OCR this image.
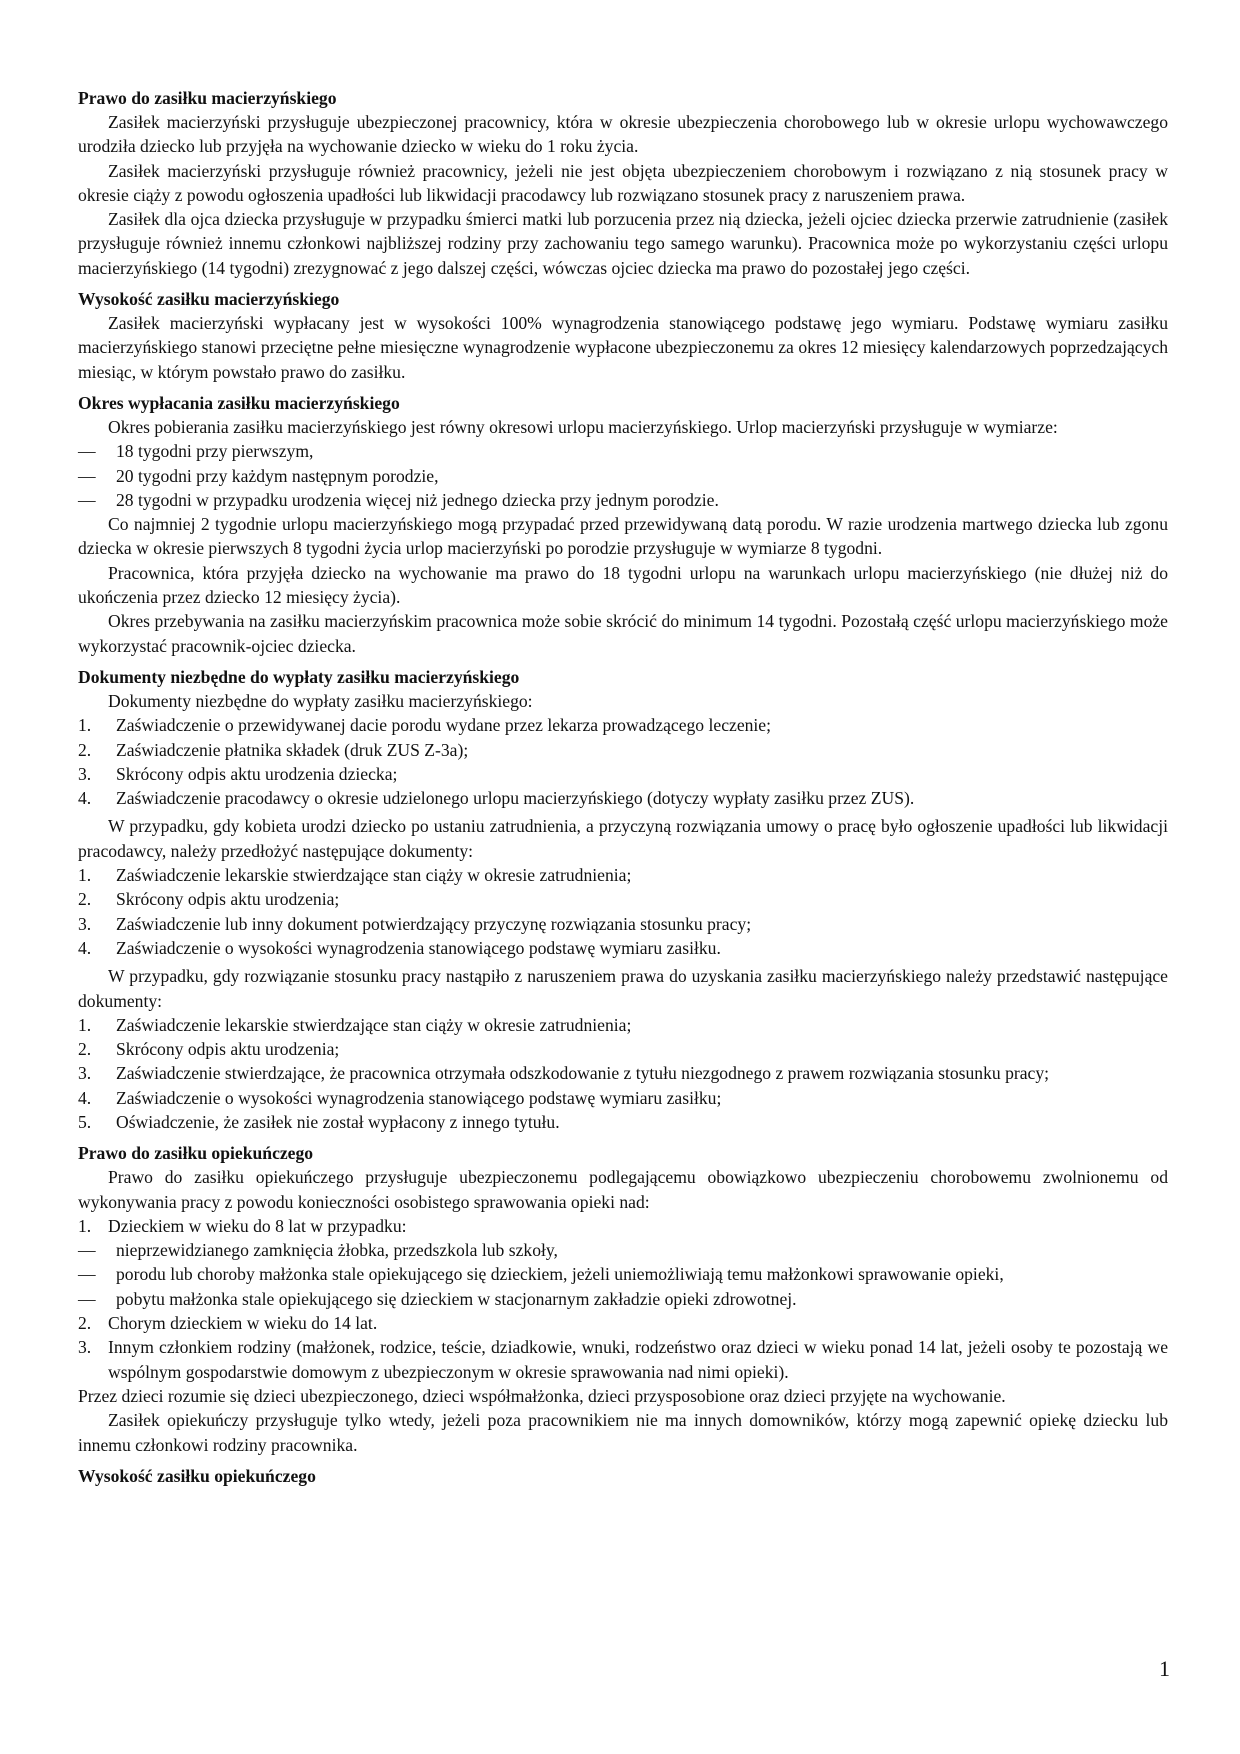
Prawo do zasiłku macierzyńskiego

Zasiłek macierzyński przysługuje ubezpieczonej pracownicy, która w okresie ubezpieczenia chorobowego lub w okresie urlopu wychowawczego urodziła dziecko lub przyjęła na wychowanie dziecko w wieku do 1 roku życia.

Zasiłek macierzyński przysługuje również pracownicy, jeżeli nie jest objęta ubezpieczeniem chorobowym i rozwiązano z nią stosunek pracy w okresie ciąży z powodu ogłoszenia upadłości lub likwidacji pracodawcy lub rozwiązano stosunek pracy z naruszeniem prawa.

Zasiłek dla ojca dziecka przysługuje w przypadku śmierci matki lub porzucenia przez nią dziecka, jeżeli ojciec dziecka przerwie zatrudnienie (zasiłek przysługuje również innemu członkowi najbliższej rodziny przy zachowaniu tego samego warunku). Pracownica może po wykorzystaniu części urlopu macierzyńskiego (14 tygodni) zrezygnować z jego dalszej części, wówczas ojciec dziecka ma prawo do pozostałej jego części.

Wysokość zasiłku macierzyńskiego

Zasiłek macierzyński wypłacany jest w wysokości 100% wynagrodzenia stanowiącego podstawę jego wymiaru. Podstawę wymiaru zasiłku macierzyńskiego stanowi przeciętne pełne miesięczne wynagrodzenie wypłacone ubezpieczonemu za okres 12 miesięcy kalendarzowych poprzedzających miesiąc, w którym powstało prawo do zasiłku.

Okres wypłacania zasiłku macierzyńskiego

Okres pobierania zasiłku macierzyńskiego jest równy okresowi urlopu macierzyńskiego. Urlop macierzyński przysługuje w wymiarze:

— 18 tygodni przy pierwszym,
— 20 tygodni przy każdym następnym porodzie,
— 28 tygodni w przypadku urodzenia więcej niż jednego dziecka przy jednym porodzie.

Co najmniej 2 tygodnie urlopu macierzyńskiego mogą przypadać przed przewidywaną datą porodu. W razie urodzenia martwego dziecka lub zgonu dziecka w okresie pierwszych 8 tygodni życia urlop macierzyński po porodzie przysługuje w wymiarze 8 tygodni.

Pracownica, która przyjęła dziecko na wychowanie ma prawo do 18 tygodni urlopu na warunkach urlopu macierzyńskiego (nie dłużej niż do ukończenia przez dziecko 12 miesięcy życia).

Okres przebywania na zasiłku macierzyńskim pracownica może sobie skrócić do minimum 14 tygodni. Pozostałą część urlopu macierzyńskiego może wykorzystać pracownik-ojciec dziecka.

Dokumenty niezbędne do wypłaty zasiłku macierzyńskiego

Dokumenty niezbędne do wypłaty zasiłku macierzyńskiego:

1. Zaświadczenie o przewidywanej dacie porodu wydane przez lekarza prowadzącego leczenie;
2. Zaświadczenie płatnika składek (druk ZUS Z-3a);
3. Skrócony odpis aktu urodzenia dziecka;
4. Zaświadczenie pracodawcy o okresie udzielonego urlopu macierzyńskiego (dotyczy wypłaty zasiłku przez ZUS).

W przypadku, gdy kobieta urodzi dziecko po ustaniu zatrudnienia, a przyczyną rozwiązania umowy o pracę było ogłoszenie upadłości lub likwidacji pracodawcy, należy przedłożyć następujące dokumenty:

1. Zaświadczenie lekarskie stwierdzające stan ciąży w okresie zatrudnienia;
2. Skrócony odpis aktu urodzenia;
3. Zaświadczenie lub inny dokument potwierdzający przyczynę rozwiązania stosunku pracy;
4. Zaświadczenie o wysokości wynagrodzenia stanowiącego podstawę wymiaru zasiłku.

W przypadku, gdy rozwiązanie stosunku pracy nastąpiło z naruszeniem prawa do uzyskania zasiłku macierzyńskiego należy przedstawić następujące dokumenty:

1. Zaświadczenie lekarskie stwierdzające stan ciąży w okresie zatrudnienia;
2. Skrócony odpis aktu urodzenia;
3. Zaświadczenie stwierdzające, że pracownica otrzymała odszkodowanie z tytułu niezgodnego z prawem rozwiązania stosunku pracy;
4. Zaświadczenie o wysokości wynagrodzenia stanowiącego podstawę wymiaru zasiłku;
5. Oświadczenie, że zasiłek nie został wypłacony z innego tytułu.
Prawo do zasiłku opiekuńczego

Prawo do zasiłku opiekuńczego przysługuje ubezpieczonemu podlegającemu obowiązkowo ubezpieczeniu chorobowemu zwolnionemu od wykonywania pracy z powodu konieczności osobistego sprawowania opieki nad:

1. Dzieckiem w wieku do 8 lat w przypadku:
— nieprzewidzianego zamknięcia żłobka, przedszkola lub szkoły,
— porodu lub choroby małżonka stale opiekującego się dzieckiem, jeżeli uniemożliwiają temu małżonkowi sprawowanie opieki,
— pobytu małżonka stale opiekującego się dzieckiem w stacjonarnym zakładzie opieki zdrowotnej.
2. Chorym dzieckiem w wieku do 14 lat.
3. Innym członkiem rodziny (małżonek, rodzice, teście, dziadkowie, wnuki, rodzeństwo oraz dzieci w wieku ponad 14 lat, jeżeli osoby te pozostają we wspólnym gospodarstwie domowym z ubezpieczonym w okresie sprawowania nad nimi opieki).

Przez dzieci rozumie się dzieci ubezpieczonego, dzieci współmałżonka, dzieci przysposobione oraz dzieci przyjęte na wychowanie.

Zasiłek opiekuńczy przysługuje tylko wtedy, jeżeli poza pracownikiem nie ma innych domowników, którzy mogą zapewnić opiekę dziecku lub innemu członkowi rodziny pracownika.

Wysokość zasiłku opiekuńczego
1
